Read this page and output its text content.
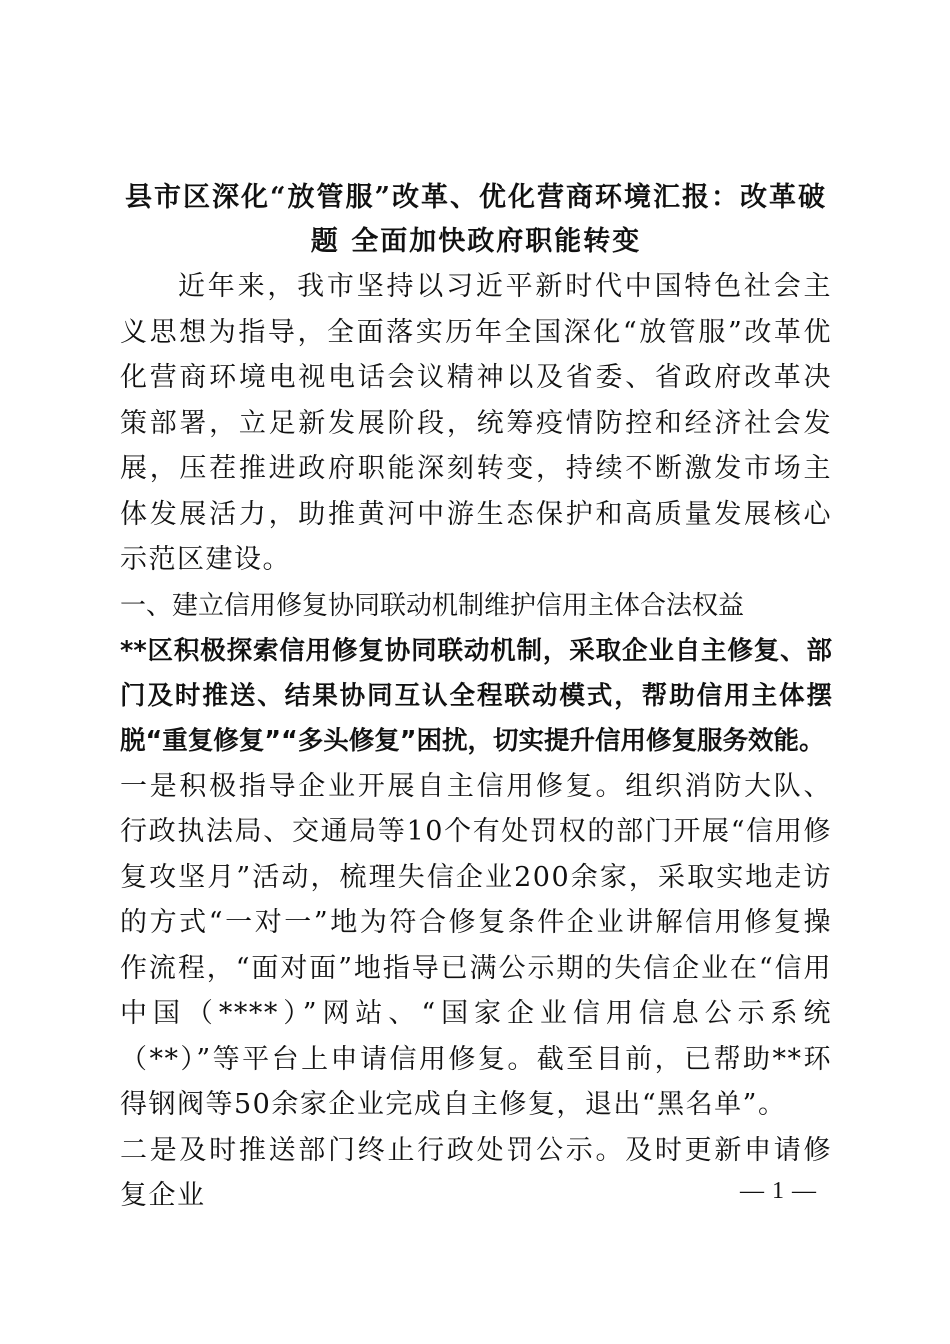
县市区深化“放管服”改革、优化营商环境汇报：改革破题 全面加快政府职能转变

近年来，我市坚持以习近平新时代中国特色社会主义思想为指导，全面落实历年全国深化“放管服”改革优化营商环境电视电话会议精神以及省委、省政府改革决策部署，立足新发展阶段，统筹疫情防控和经济社会发展，压茬推进政府职能深刻转变，持续不断激发市场主体发展活力，助推黄河中游生态保护和高质量发展核心示范区建设。

一、建立信用修复协同联动机制维护信用主体合法权益

**区积极探索信用修复协同联动机制，采取企业自主修复、部门及时推送、结果协同互认全程联动模式，帮助信用主体摆脱“重复修复”“多头修复”困扰，切实提升信用修复服务效能。

一是积极指导企业开展自主信用修复。组织消防大队、行政执法局、交通局等10个有处罚权的部门开展“信用修复攻坚月”活动，梳理失信企业200余家，采取实地走访的方式“一对一”地为符合修复条件企业讲解信用修复操作流程，“面对面”地指导已满公示期的失信企业在“信用中国（****）”网站、“国家企业信用信息公示系统（**）”等平台上申请信用修复。截至目前，已帮助**环得钢阀等50余家企业完成自主修复，退出“黑名单”。

二是及时推送部门终止行政处罚公示。及时更新申请修复企业	— 1 —
